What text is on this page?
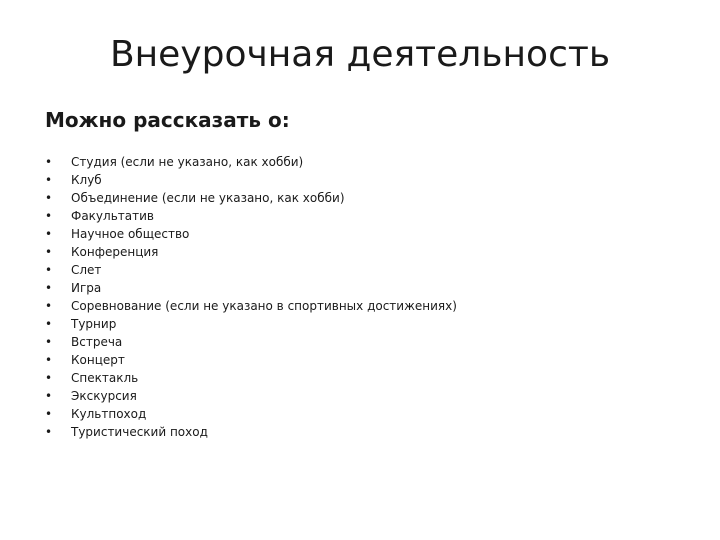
Внеурочная деятельность
Можно рассказать о:
•	Студия (если не указано, как хобби)
•	Клуб
•	Объединение (если не указано, как хобби)
•	Факультатив
•	Научное общество
•	Конференция
•	Слет
•	Игра
•	Соревнование (если не указано в спортивных достижениях)
•	Турнир
•	Встреча
•	Концерт
•	Спектакль
•	Экскурсия
•	Культпоход
•	Туристический поход
